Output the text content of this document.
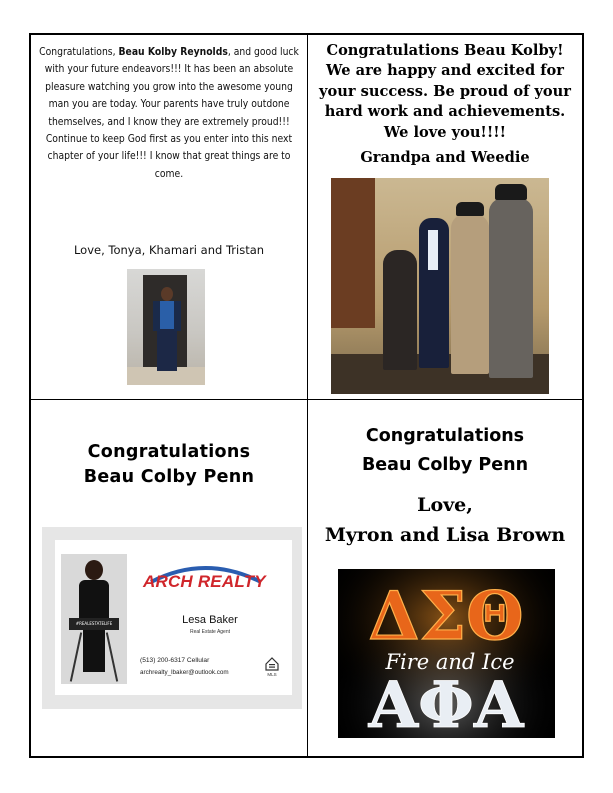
Congratulations, Beau Kolby Reynolds, and good luck with your future endeavors!!! It has been an absolute pleasure watching you grow into the awesome young man you are today. Your parents have truly outdone themselves, and I know they are extremely proud!!! Continue to keep God first as you enter into this next chapter of your life!!! I know that great things are to come.
Love, Tonya, Khamari and Tristan
Congratulations Beau Kolby!
We are happy and excited for
your success. Be proud of your
hard work and achievements.
We love you!!!!
Grandpa and Weedie
Congratulations
Beau Colby Penn
#REALESTATELIFE
ARCH REALTY
Lesa Baker
Real Estate Agent
(513) 200-6317 Cellular
archrealty_lbaker@outlook.com	MLS
Congratulations
Beau Colby Penn
Love,
Myron and Lisa Brown
ΔΣΘ
Fire and Ice
ΑΦΑ
